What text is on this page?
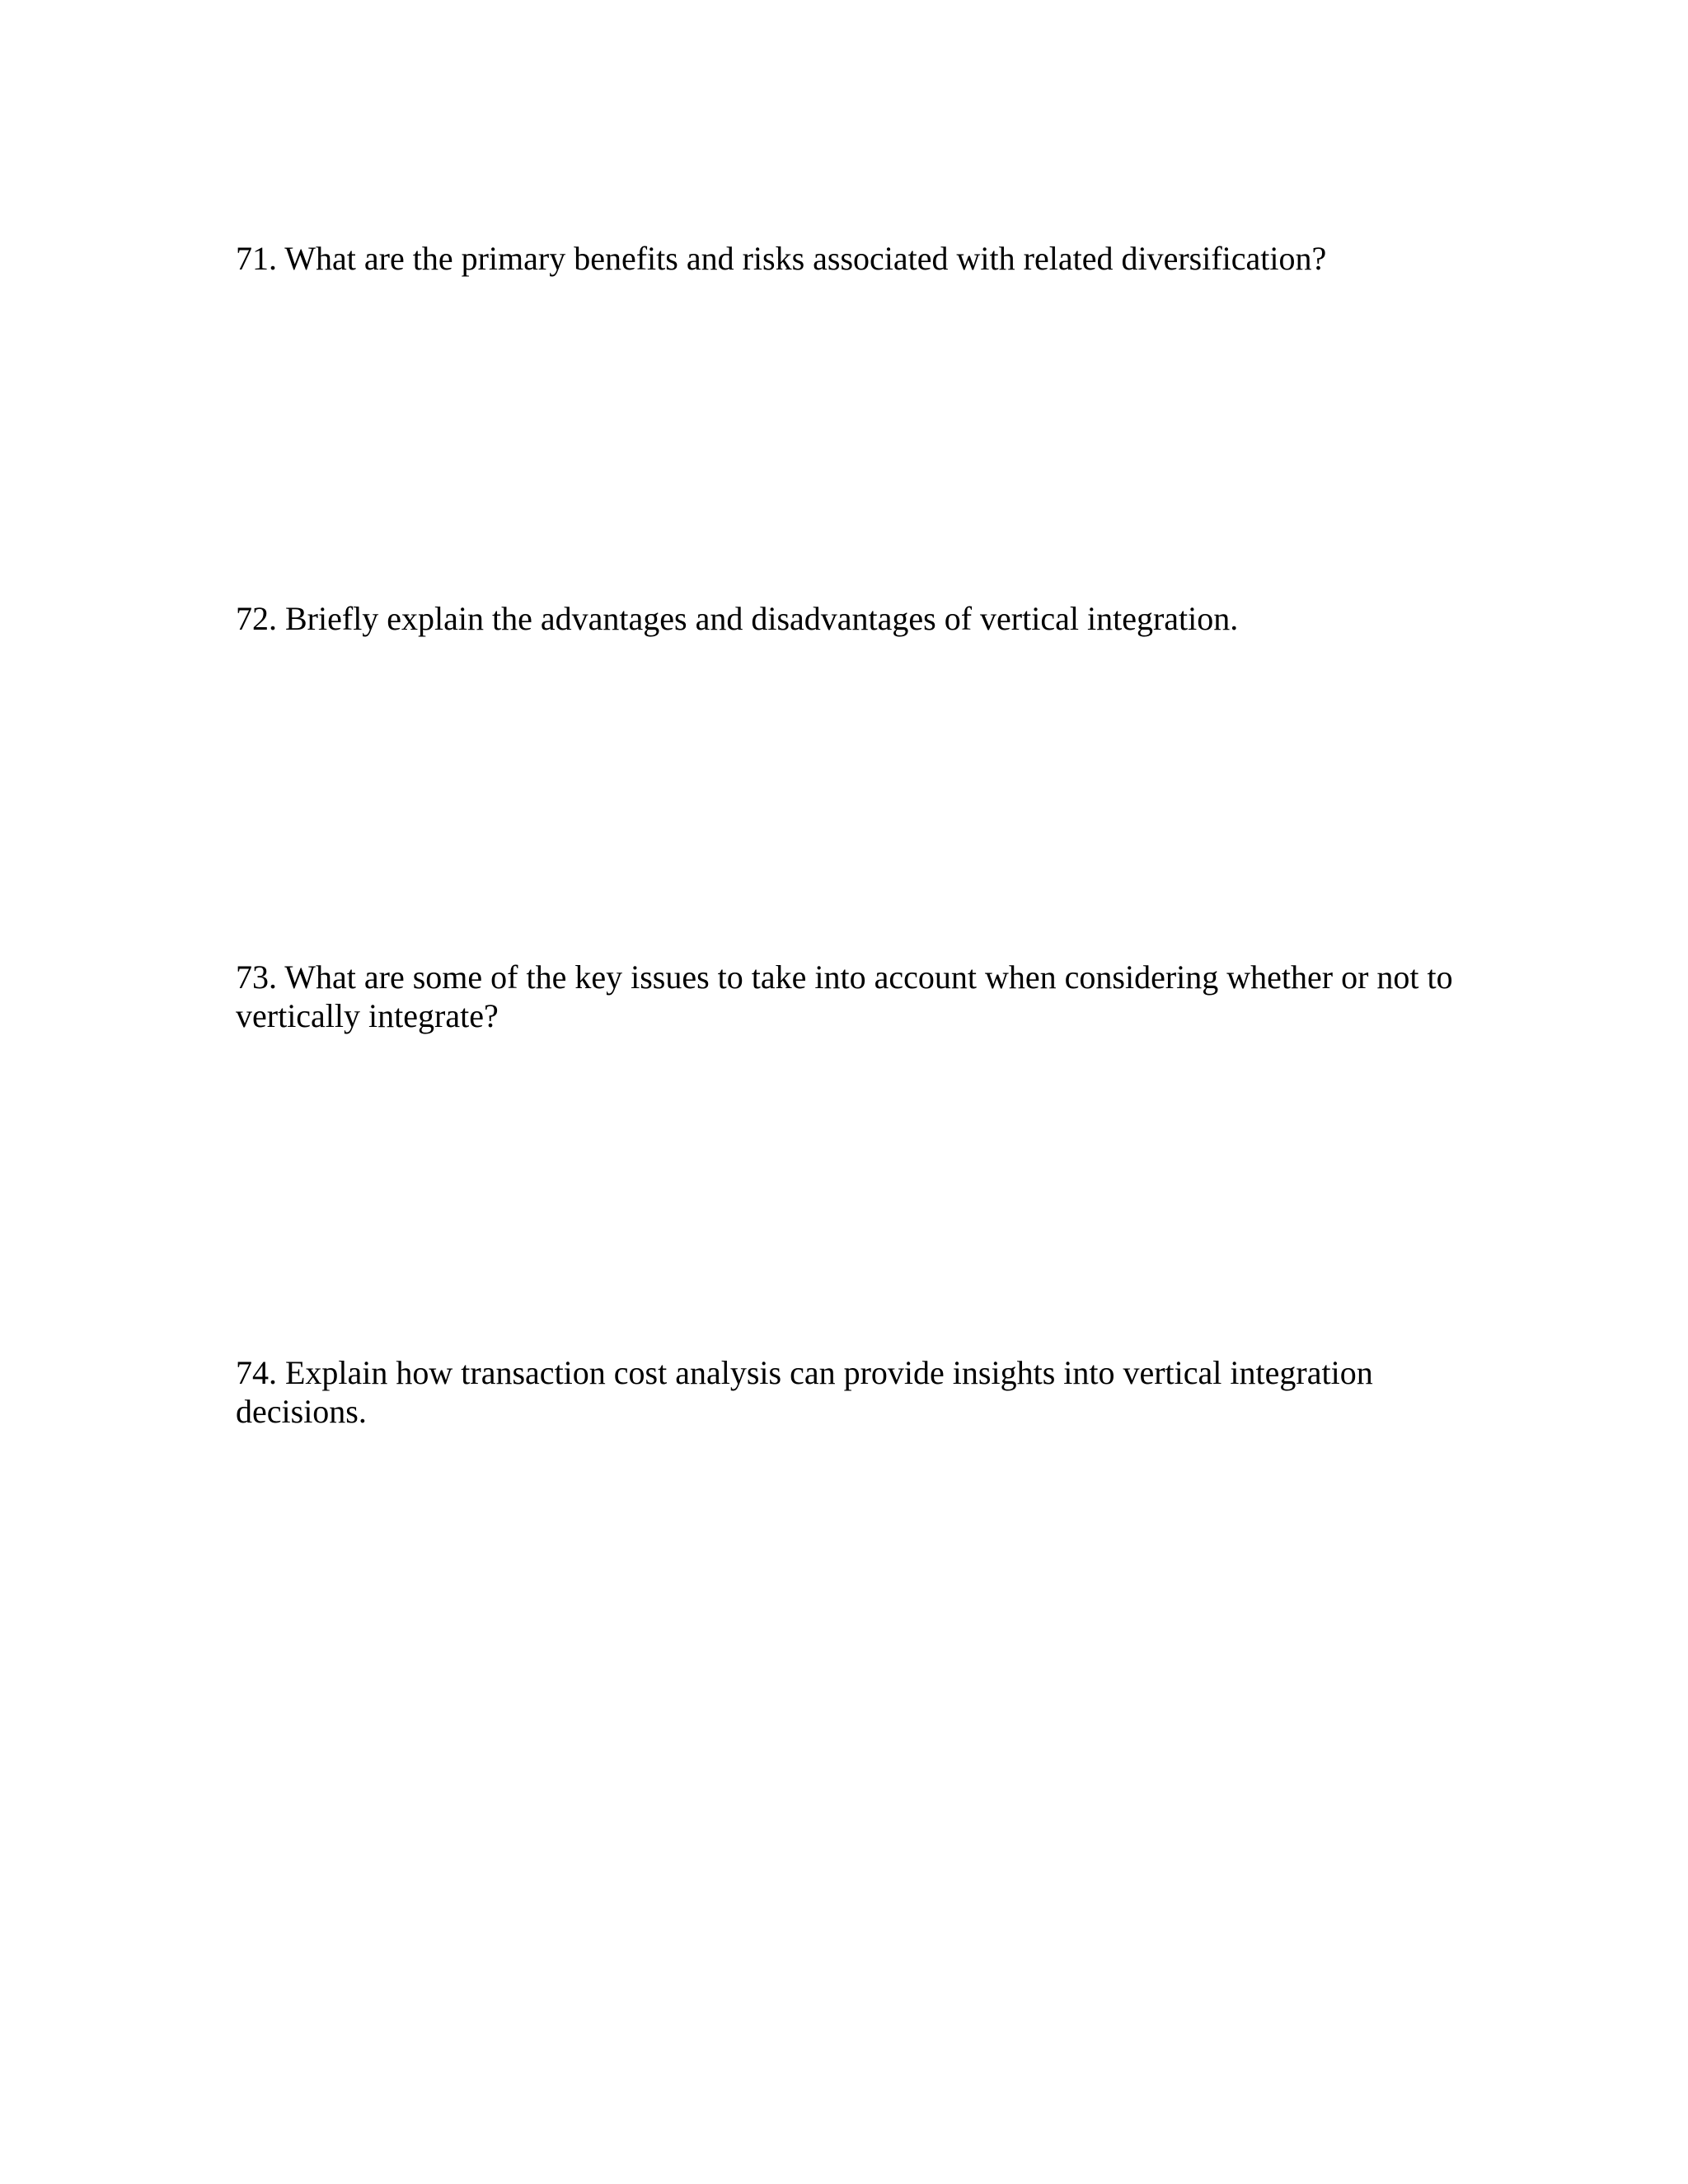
71. What are the primary benefits and risks associated with related diversification?

72. Briefly explain the advantages and disadvantages of vertical integration.

73. What are some of the key issues to take into account when considering whether or not to vertically integrate?

74. Explain how transaction cost analysis can provide insights into vertical integration decisions.
